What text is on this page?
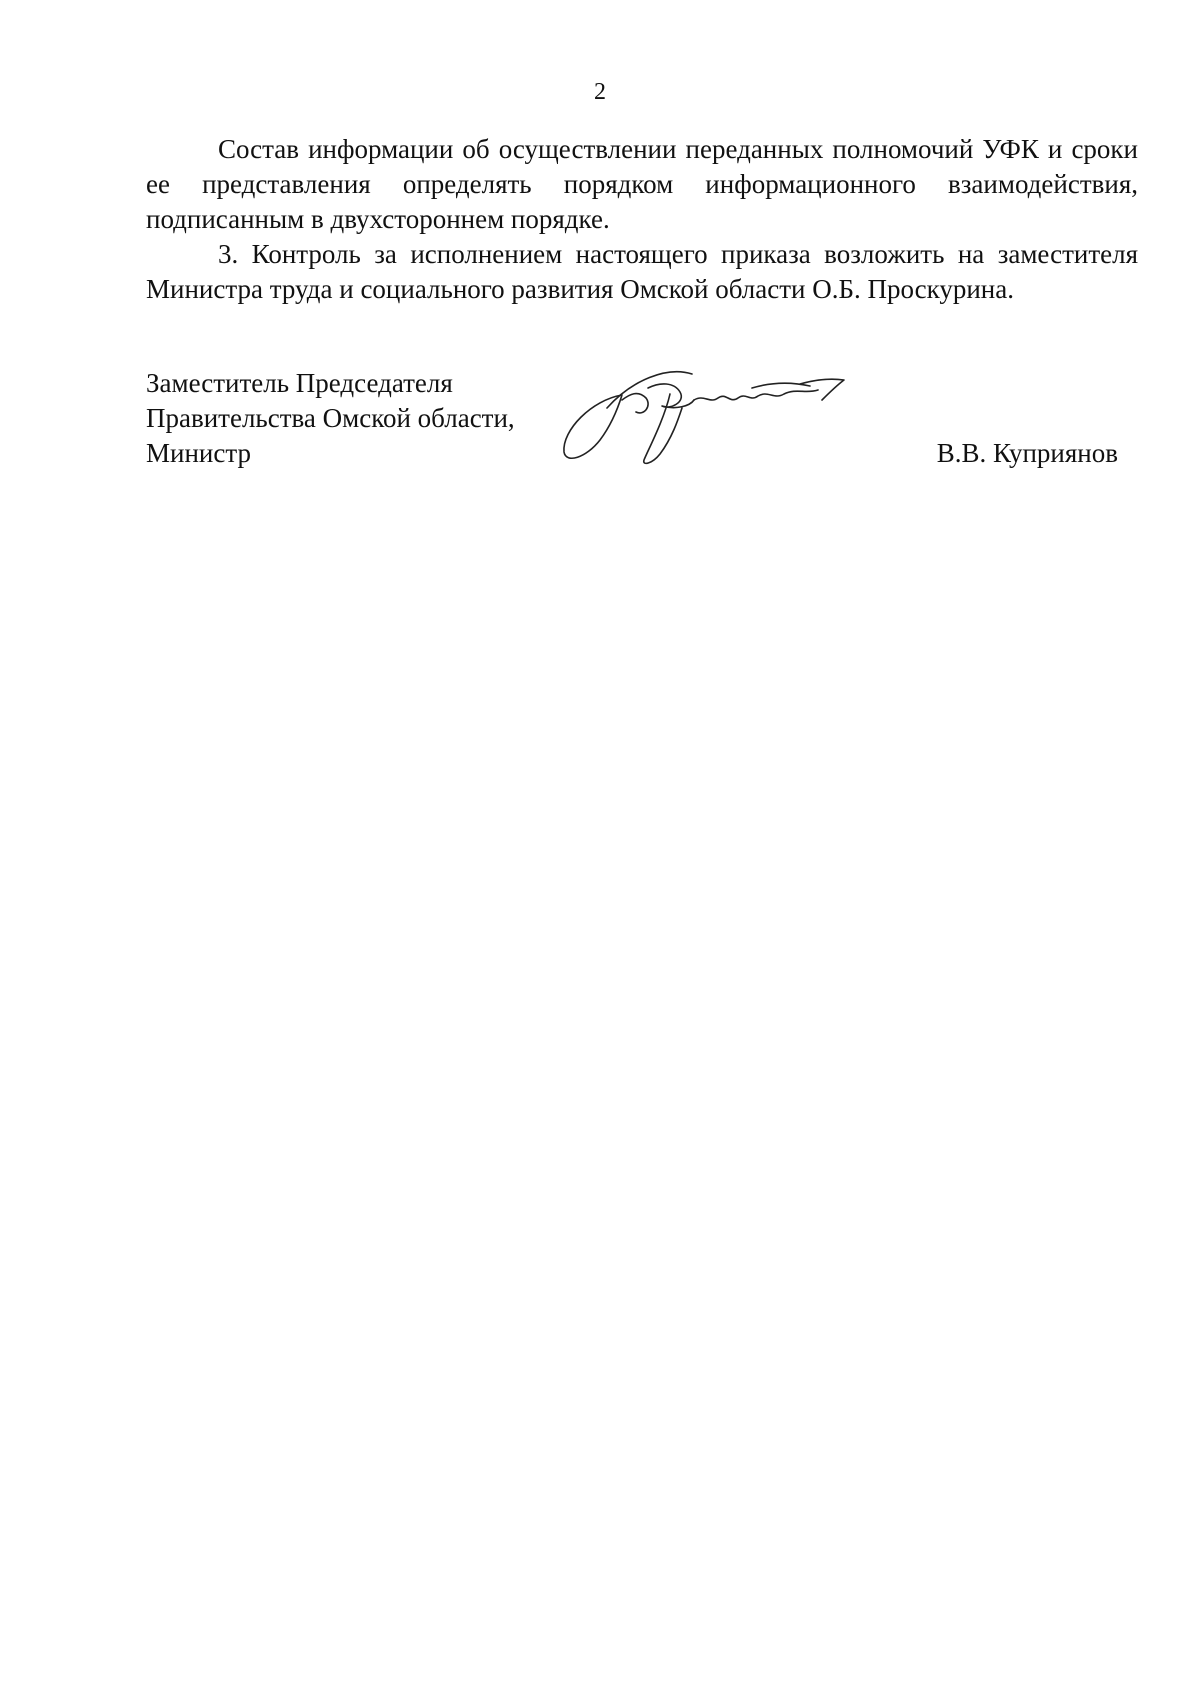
2

Состав информации об осуществлении переданных полномочий УФК и сроки ее представления определять порядком информационного взаимодействия, подписанным в двухстороннем порядке.

3. Контроль за исполнением настоящего приказа возложить на заместителя Министра труда и социального развития Омской области О.Б. Проскурина.

Заместитель Председателя
Правительства Омской области,
Министр	В.В. Куприянов
